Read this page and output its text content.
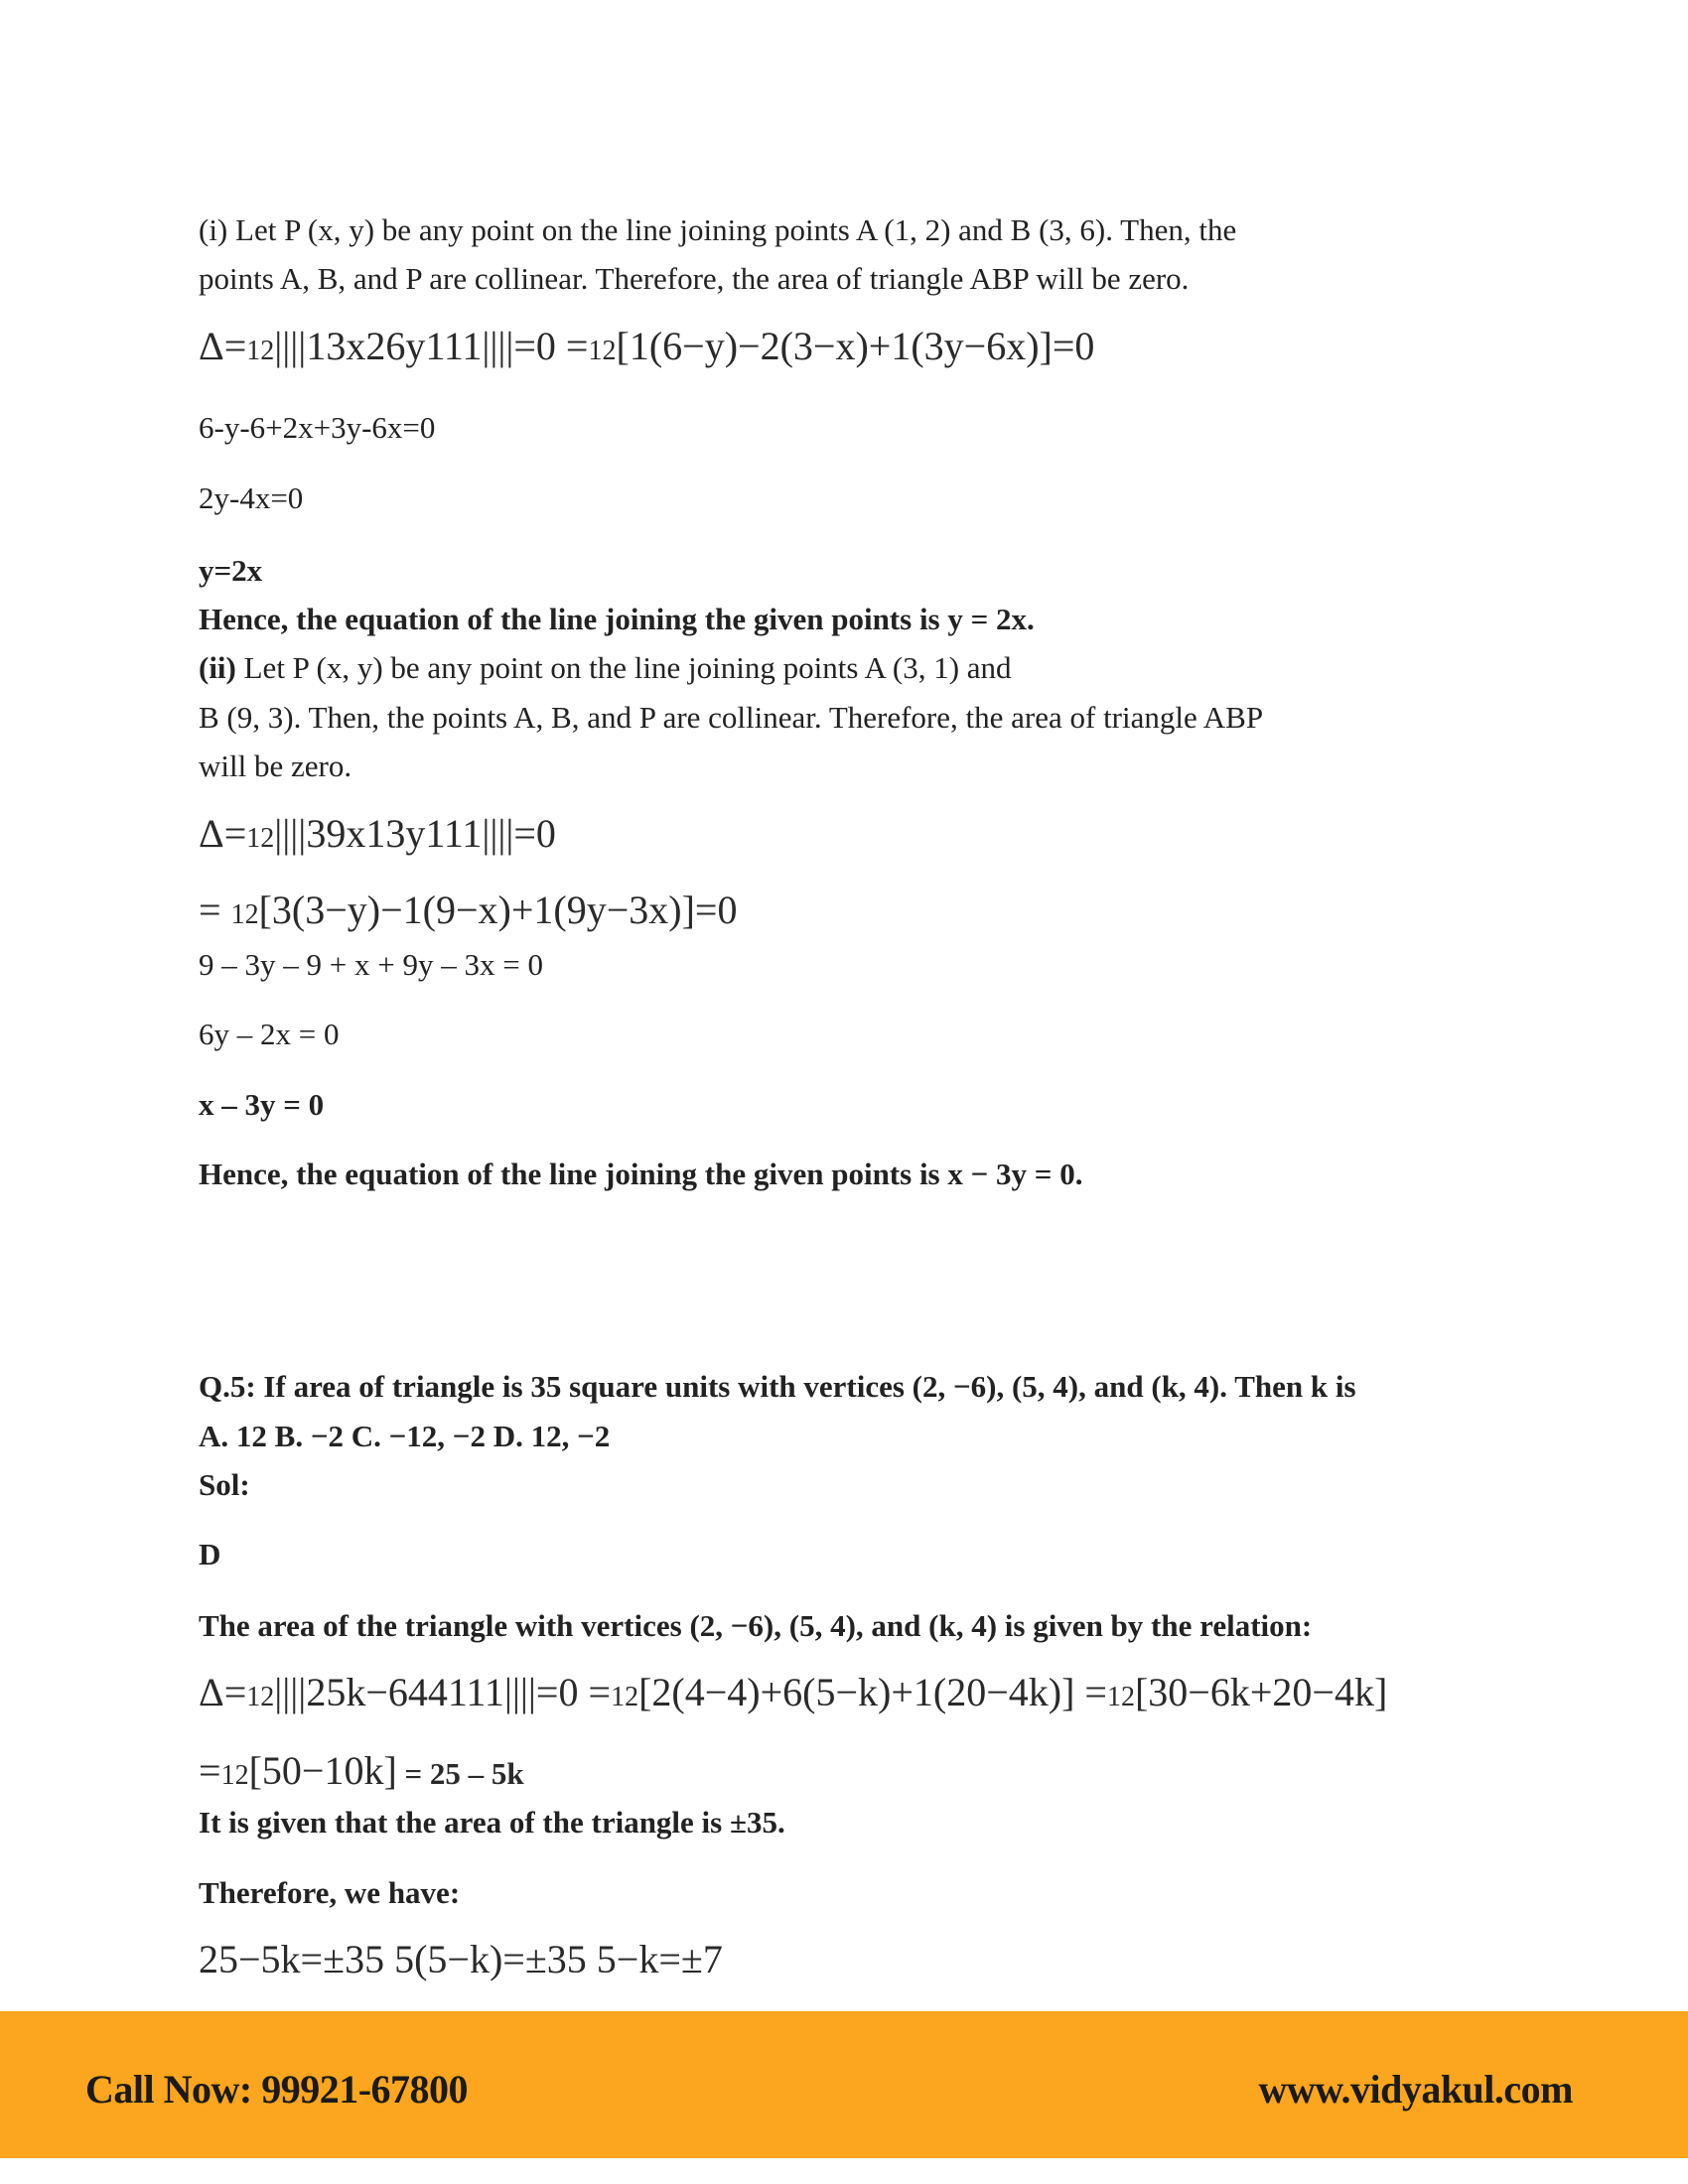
(i) Let P (x, y) be any point on the line joining points A (1, 2) and B (3, 6). Then, the
points A, B, and P are collinear. Therefore, the area of triangle ABP will be zero.
Δ=12||||13x26y111||||=0 =12[1(6−y)−2(3−x)+1(3y−6x)]=0
6-y-6+2x+3y-6x=0
2y-4x=0
y=2x
Hence, the equation of the line joining the given points is y = 2x.
(ii) Let P (x, y) be any point on the line joining points A (3, 1) and
B (9, 3). Then, the points A, B, and P are collinear. Therefore, the area of triangle ABP
will be zero.
Δ=12||||39x13y111||||=0
= 12[3(3−y)−1(9−x)+1(9y−3x)]=0
9 – 3y – 9 + x + 9y – 3x = 0
6y – 2x = 0
x – 3y = 0
Hence, the equation of the line joining the given points is x − 3y = 0.
Q.5: If area of triangle is 35 square units with vertices (2, −6), (5, 4), and (k, 4). Then k is
A. 12 B. −2 C. −12, −2 D. 12, −2
Sol:
D
The area of the triangle with vertices (2, −6), (5, 4), and (k, 4) is given by the relation:
Δ=12||||25k−644111||||=0 =12[2(4−4)+6(5−k)+1(20−4k)] =12[30−6k+20−4k]
=12[50−10k] = 25 – 5k
It is given that the area of the triangle is ±35.
Therefore, we have:
25−5k=±35 5(5−k)=±35 5−k=±7
Call Now: 99921-67800	www.vidyakul.com
